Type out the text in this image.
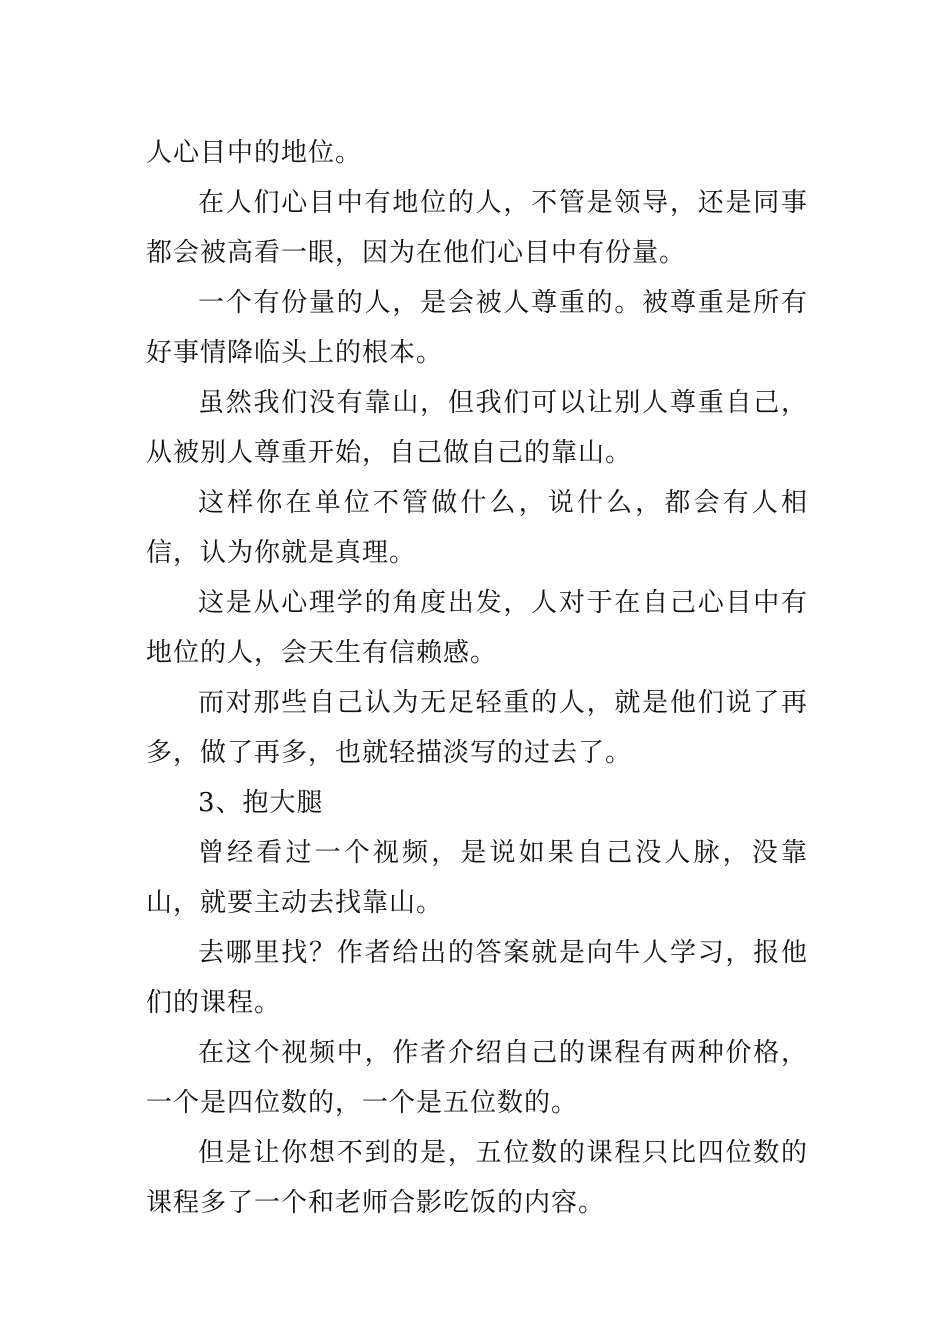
人心目中的地位。

在人们心目中有地位的人，不管是领导，还是同事都会被高看一眼，因为在他们心目中有份量。

一个有份量的人，是会被人尊重的。被尊重是所有好事情降临头上的根本。

虽然我们没有靠山，但我们可以让别人尊重自己，从被别人尊重开始，自己做自己的靠山。

这样你在单位不管做什么，说什么，都会有人相信，认为你就是真理。

这是从心理学的角度出发，人对于在自己心目中有地位的人，会天生有信赖感。

而对那些自己认为无足轻重的人，就是他们说了再多，做了再多，也就轻描淡写的过去了。

3、抱大腿

曾经看过一个视频，是说如果自己没人脉，没靠山，就要主动去找靠山。

去哪里找？作者给出的答案就是向牛人学习，报他们的课程。

在这个视频中，作者介绍自己的课程有两种价格，一个是四位数的，一个是五位数的。

但是让你想不到的是，五位数的课程只比四位数的课程多了一个和老师合影吃饭的内容。
